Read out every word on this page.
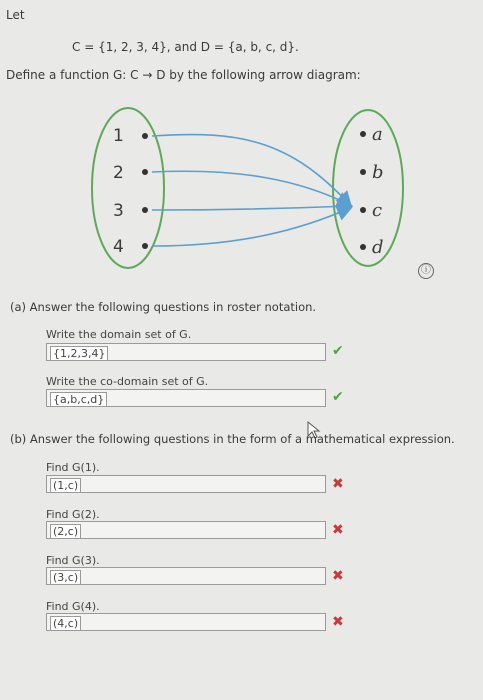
Let
C = {1, 2, 3, 4}, and D = {a, b, c, d}.
Define a function G: C → D by the following arrow diagram:
1
2
3
4
a
b
c
d
ⓘ
(a) Answer the following questions in roster notation.
Write the domain set of G.
{1,2,3,4}	✔
Write the co-domain set of G.
{a,b,c,d}	✔
(b) Answer the following questions in the form of a mathematical expression.
Find G(1).
(1,c)	✖
Find G(2).
(2,c)	✖
Find G(3).
(3,c)	✖
Find G(4).
(4,c)	✖
